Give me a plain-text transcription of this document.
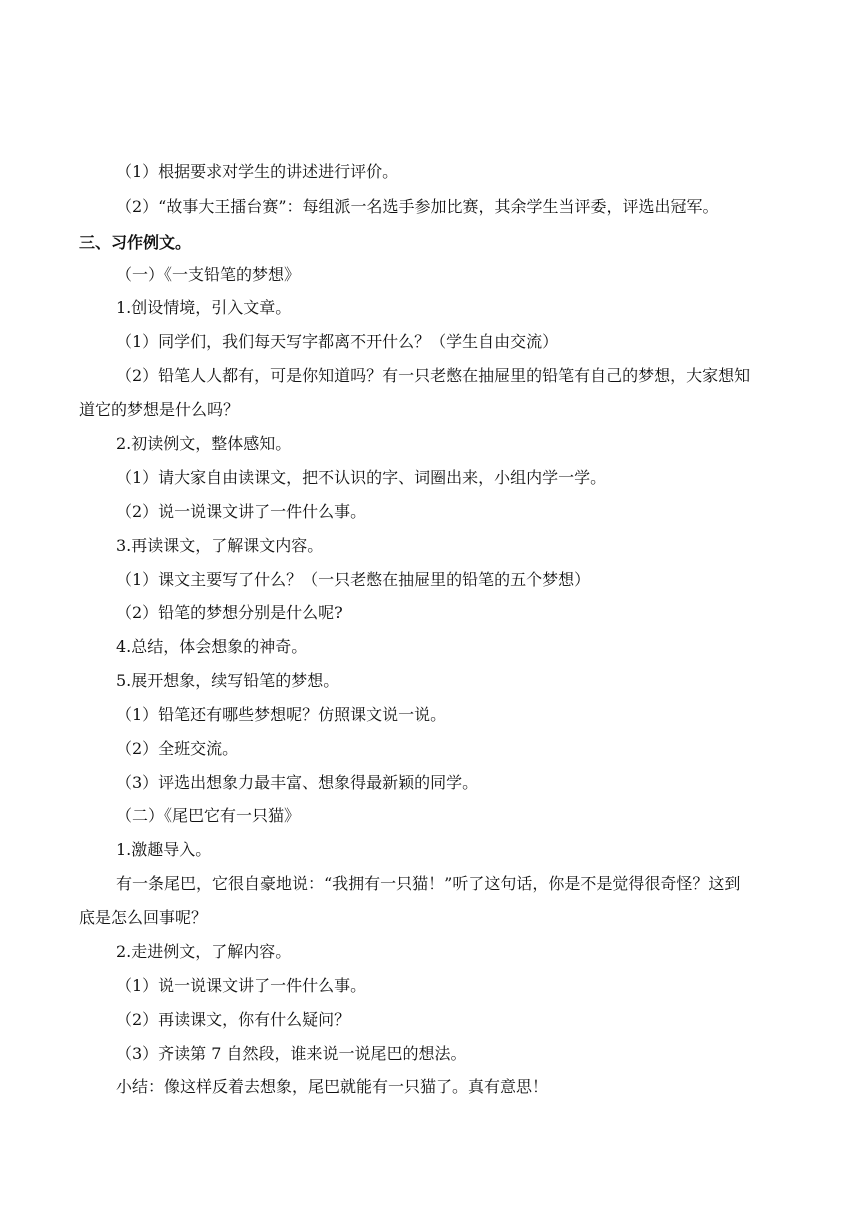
（1）根据要求对学生的讲述进行评价。
（2）“故事大王擂台赛”：每组派一名选手参加比赛，其余学生当评委，评选出冠军。
三、习作例文。
（一）《一支铅笔的梦想》
1.创设情境，引入文章。
（1）同学们，我们每天写字都离不开什么？（学生自由交流）
（2）铅笔人人都有，可是你知道吗？有一只老憋在抽屉里的铅笔有自己的梦想，大家想知
道它的梦想是什么吗？
2.初读例文，整体感知。
（1）请大家自由读课文，把不认识的字、词圈出来，小组内学一学。
（2）说一说课文讲了一件什么事。
3.再读课文，了解课文内容。
（1）课文主要写了什么？（一只老憋在抽屉里的铅笔的五个梦想）
（2）铅笔的梦想分别是什么呢?
4.总结，体会想象的神奇。
5.展开想象，续写铅笔的梦想。
（1）铅笔还有哪些梦想呢？仿照课文说一说。
（2）全班交流。
（3）评选出想象力最丰富、想象得最新颖的同学。
（二）《尾巴它有一只猫》
1.激趣导入。
有一条尾巴，它很自豪地说：“我拥有一只猫！”听了这句话，你是不是觉得很奇怪？这到
底是怎么回事呢？
2.走进例文，了解内容。
（1）说一说课文讲了一件什么事。
（2）再读课文，你有什么疑问？
（3）齐读第 7 自然段，谁来说一说尾巴的想法。
小结：像这样反着去想象，尾巴就能有一只猫了。真有意思！
